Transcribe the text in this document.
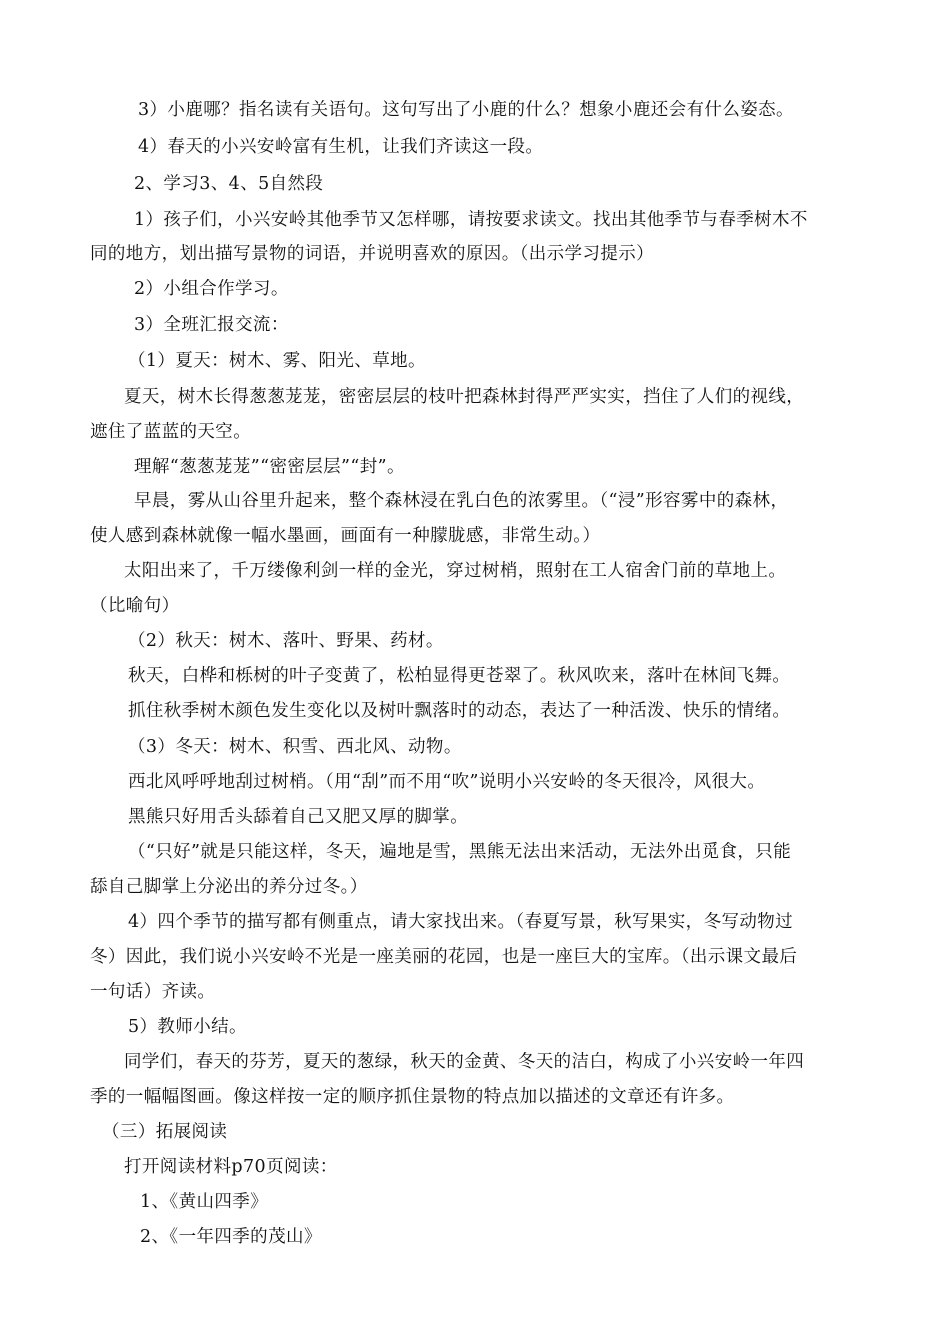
3）小鹿哪？指名读有关语句。这句写出了小鹿的什么？想象小鹿还会有什么姿态。
4）春天的小兴安岭富有生机，让我们齐读这一段。
2、学习3、4、5自然段
1）孩子们，小兴安岭其他季节又怎样哪，请按要求读文。找出其他季节与春季树木不
同的地方，划出描写景物的词语，并说明喜欢的原因。（出示学习提示）
2）小组合作学习。
3）全班汇报交流：
（1）夏天：树木、雾、阳光、草地。
夏天，树木长得葱葱茏茏，密密层层的枝叶把森林封得严严实实，挡住了人们的视线，
遮住了蓝蓝的天空。
理解“葱葱茏茏”“密密层层”“封”。
早晨，雾从山谷里升起来，整个森林浸在乳白色的浓雾里。（“浸”形容雾中的森林，
使人感到森林就像一幅水墨画，画面有一种朦胧感，非常生动。）
太阳出来了，千万缕像利剑一样的金光，穿过树梢，照射在工人宿舍门前的草地上。
（比喻句）
（2）秋天：树木、落叶、野果、药材。
秋天，白桦和栎树的叶子变黄了，松柏显得更苍翠了。秋风吹来，落叶在林间飞舞。
抓住秋季树木颜色发生变化以及树叶飘落时的动态，表达了一种活泼、快乐的情绪。
（3）冬天：树木、积雪、西北风、动物。
西北风呼呼地刮过树梢。（用“刮”而不用“吹”说明小兴安岭的冬天很冷，风很大。
黑熊只好用舌头舔着自己又肥又厚的脚掌。
（“只好”就是只能这样，冬天，遍地是雪，黑熊无法出来活动，无法外出觅食，只能
舔自己脚掌上分泌出的养分过冬。）
4）四个季节的描写都有侧重点，请大家找出来。（春夏写景，秋写果实，冬写动物过
冬）因此，我们说小兴安岭不光是一座美丽的花园，也是一座巨大的宝库。（出示课文最后
一句话）齐读。
5）教师小结。
同学们，春天的芬芳，夏天的葱绿，秋天的金黄、冬天的洁白，构成了小兴安岭一年四
季的一幅幅图画。像这样按一定的顺序抓住景物的特点加以描述的文章还有许多。
（三）拓展阅读
打开阅读材料p70页阅读：
1、《黄山四季》
2、《一年四季的茂山》
